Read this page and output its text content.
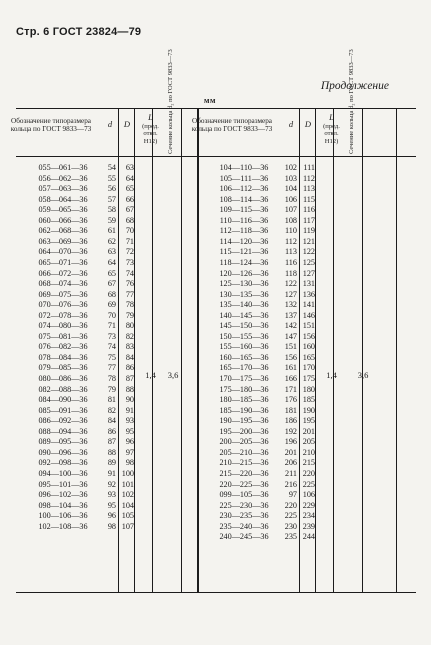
Стр. 6 ГОСТ 23824—79
Продолжение
мм
Обозначение типоразмера кольца по ГОСТ 9833—73
d	D
L
(пред. откл. H12)	Сечение кольца d₂ по ГОСТ 9833—73	Обозначение типоразмера кольца по ГОСТ 9833—73
d	D
L
(пред. откл. H12)	Сечение кольца d₂ по ГОСТ 9833—73
055—061—36	54	63
056—062—36	55	64
057—063—36	56	65
058—064—36	57	66
059—065—36	58	67
060—066—36	59	68
062—068—36	61	70
063—069—36	62	71
064—070—36	63	72
065—071—36	64	73
066—072—36	65	74
068—074—36	67	76
069—075—36	68	77
070—076—36	69	78
072—078—36	70	79
074—080—36	71	80
075—081—36	73	82
076—082—36	74	83
078—084—36	75	84
079—085—36	77	86
080—086—36	78	87
082—088—36	79	88
084—090—36	81	90
085—091—36	82	91
086—092—36	84	93
088—094—36	86	95
089—095—36	87	96
090—096—36	88	97
092—098—36	89	98
094—100—36	91 100
095—101—36	92 101
096—102—36	93 102
098—104—36	95 104
100—106—36	96 105
102—108—36	98 107
1,4	3,6
104—110—36	102 111
105—111—36	103 112
106—112—36	104 113
108—114—36	106 115
109—115—36	107 116
110—116—36	108 117
112—118—36	110 119
114—120—36	112 121
115—121—36	113 122
118—124—36	116 125
120—126—36	118 127
125—130—36	122 131
130—135—36	127 136
135—140—36	132 141
140—145—36	137 146
145—150—36	142 151
150—155—36	147 156
155—160—36	151 160
160—165—36	156 165
165—170—36	161 170
170—175—36	166 175
175—180—36	171 180
180—185—36	176 185
185—190—36	181 190
190—195—36	186 195
195—200—36	192 201
200—205—36	196 205
205—210—36	201 210
210—215—36	206 215
215—220—36	211 220
220—225—36	216 225
099—105—36	97 106
225—230—36	220 229
230—235—36	225 234
235—240—36	230 239
240—245—36	235 244
1,4	3,6
